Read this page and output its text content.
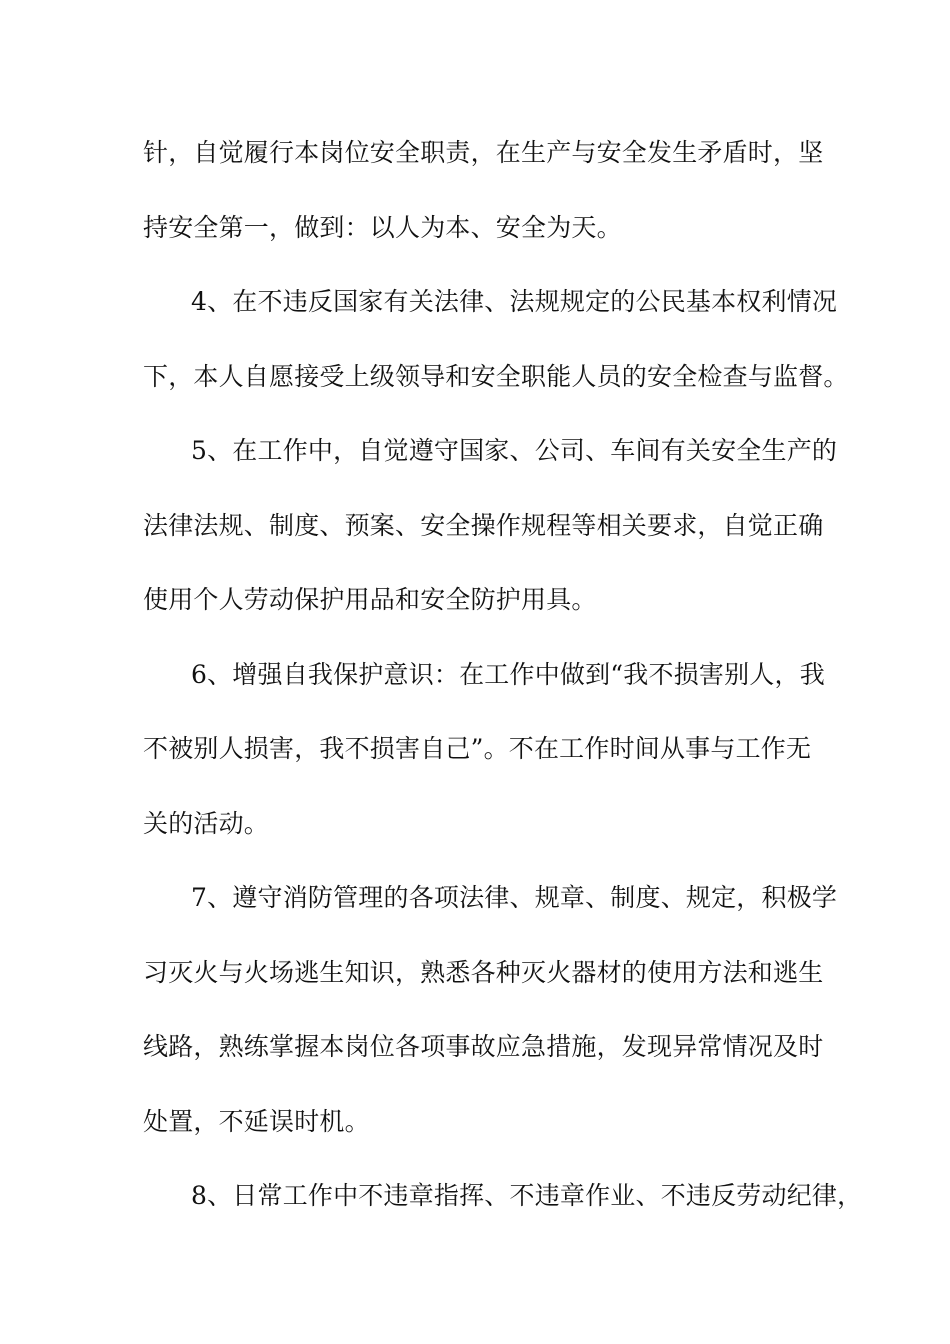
针，自觉履行本岗位安全职责，在生产与安全发生矛盾时，坚
持安全第一，做到：以人为本、安全为天。
4、在不违反国家有关法律、法规规定的公民基本权利情况
下，本人自愿接受上级领导和安全职能人员的安全检查与监督。
5、在工作中，自觉遵守国家、公司、车间有关安全生产的
法律法规、制度、预案、安全操作规程等相关要求，自觉正确
使用个人劳动保护用品和安全防护用具。
6、增强自我保护意识：在工作中做到“我不损害别人，我
不被别人损害，我不损害自己”。不在工作时间从事与工作无
关的活动。
7、遵守消防管理的各项法律、规章、制度、规定，积极学
习灭火与火场逃生知识，熟悉各种灭火器材的使用方法和逃生
线路，熟练掌握本岗位各项事故应急措施，发现异常情况及时
处置，不延误时机。
8、日常工作中不违章指挥、不违章作业、不违反劳动纪律，
